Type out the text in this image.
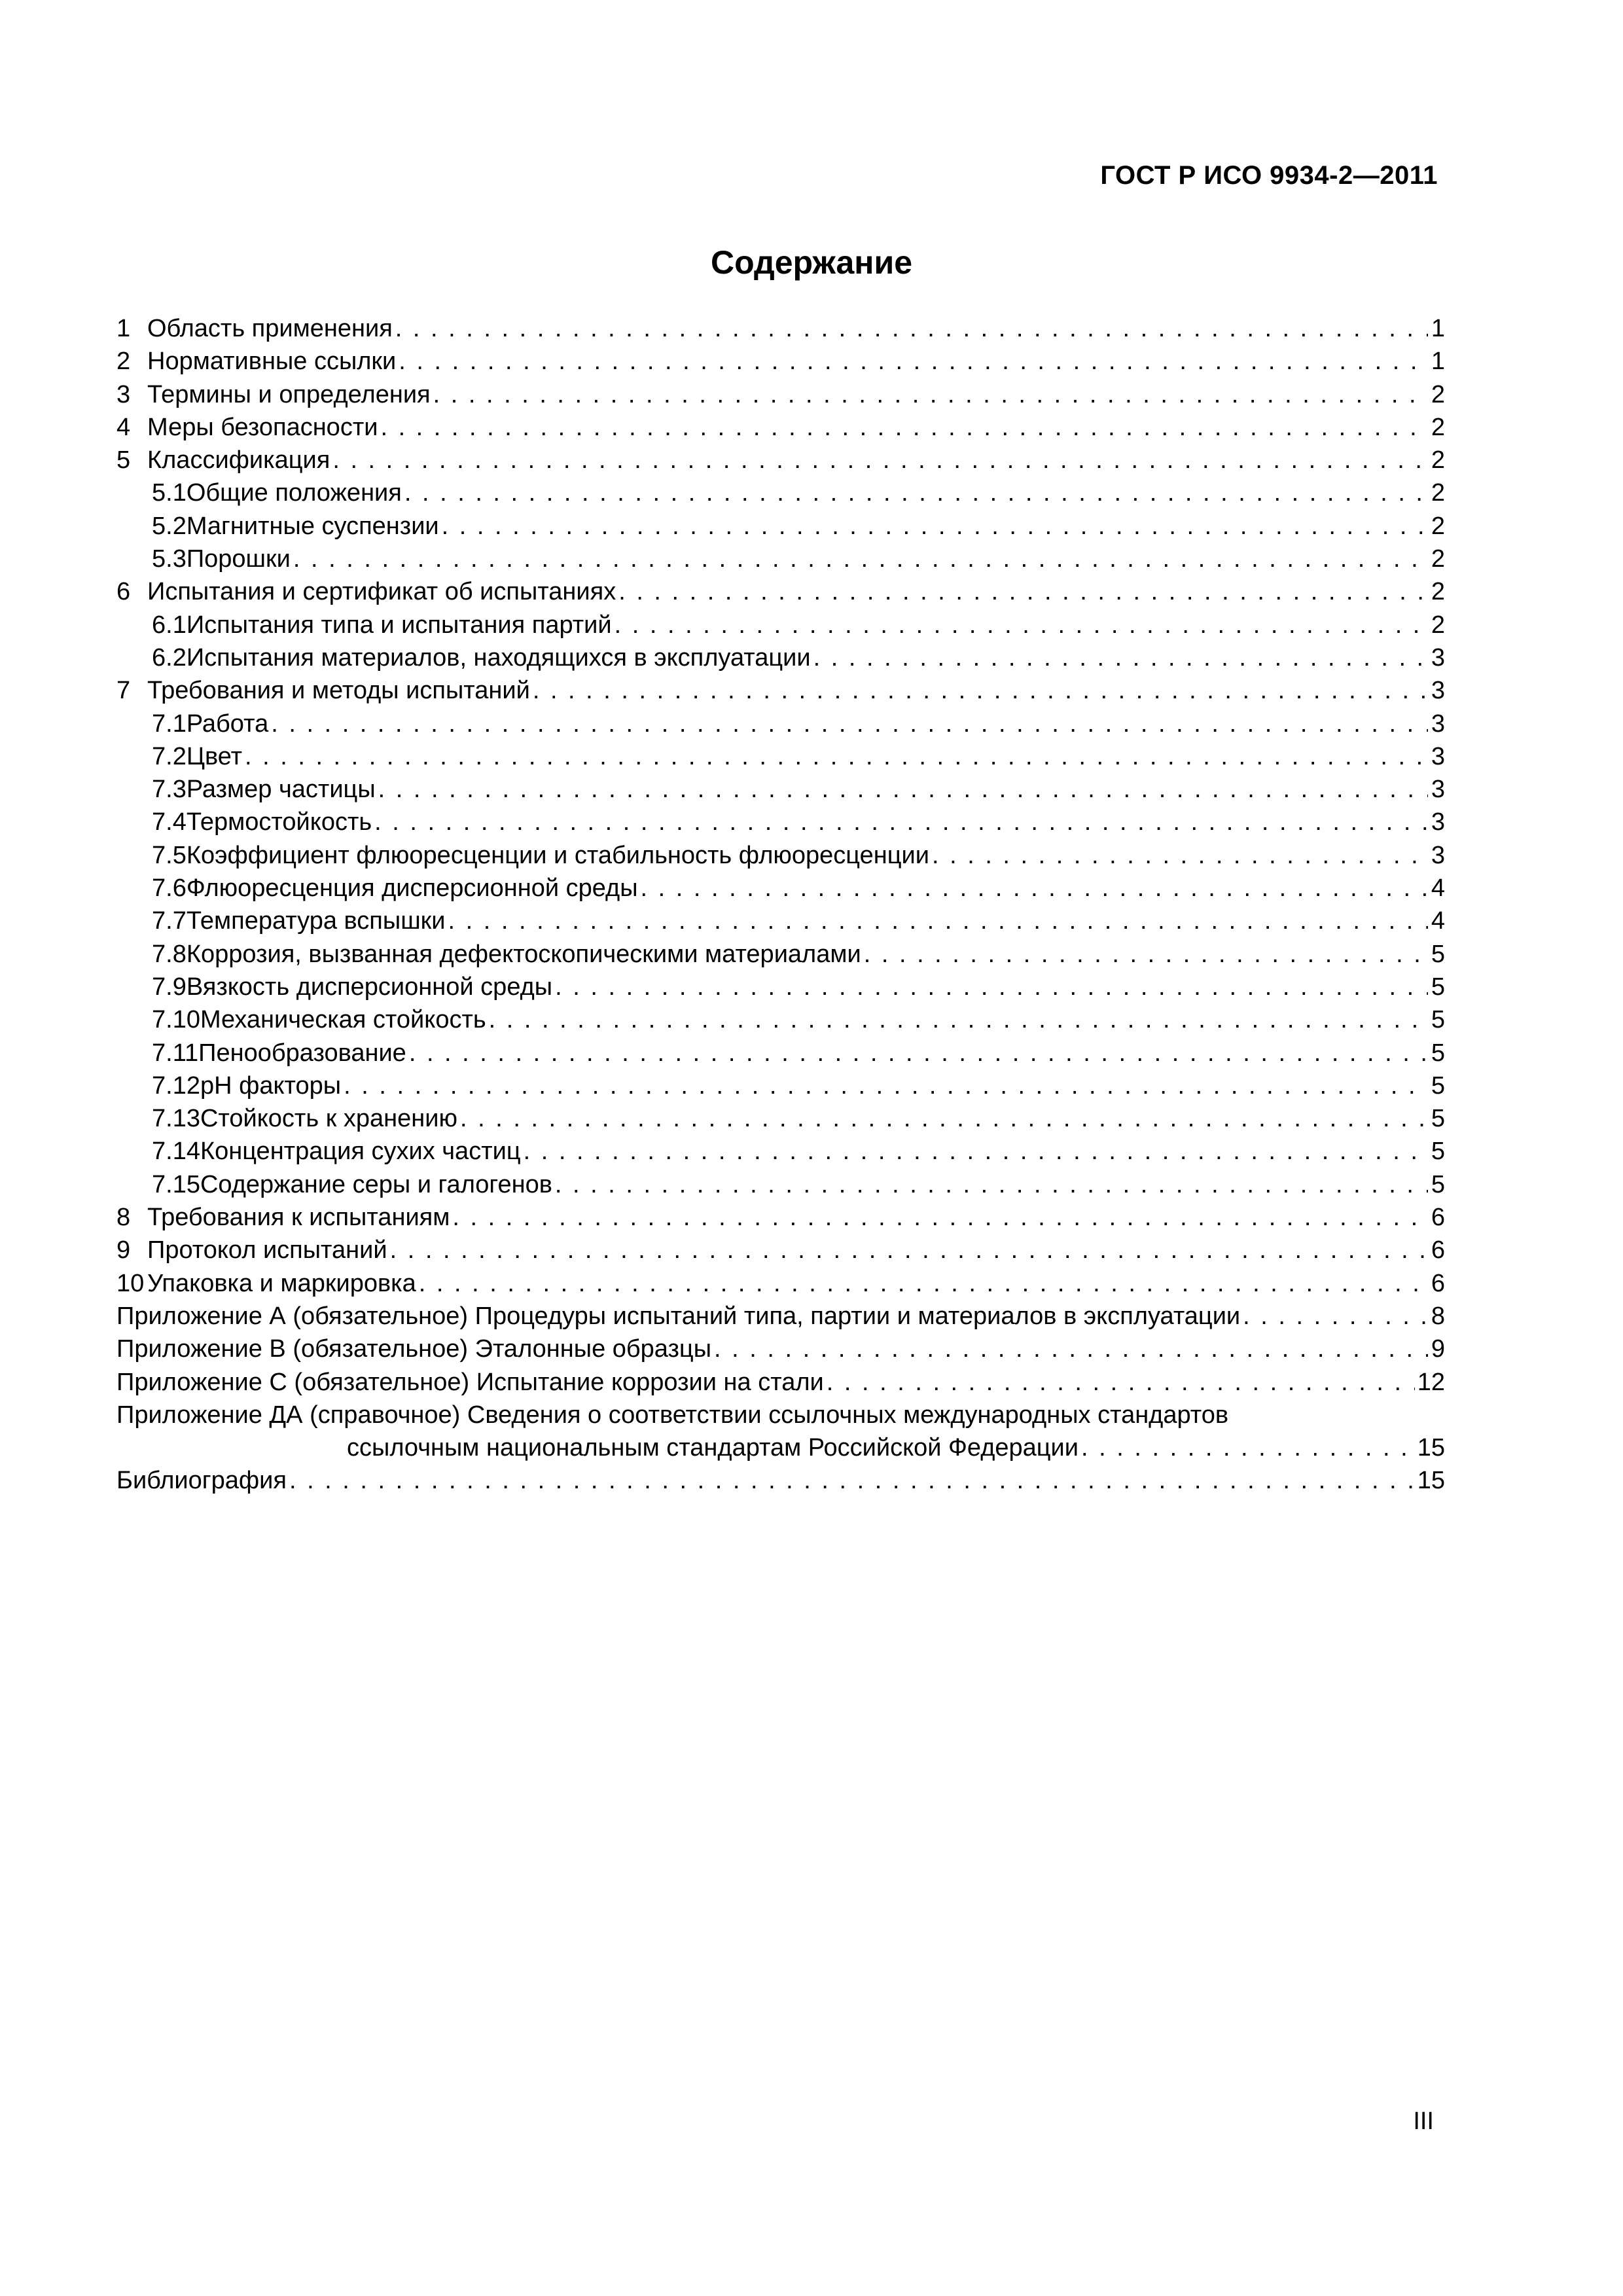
ГОСТ Р ИСО 9934-2—2011

Содержание
1 Область применения . . .	1
2 Нормативные ссылки . . .	1
3 Термины и определения . . .	2
4 Меры безопасности . . .	2
5 Классификация . . .	2
5.1 Общие положения . . .	2
5.2 Магнитные суспензии . . .	2
5.3 Порошки . . .	2
6 Испытания и сертификат об испытаниях . . .	2
6.1 Испытания типа и испытания партий . . .	2
6.2 Испытания материалов, находящихся в эксплуатации . . .	3
7 Требования и методы испытаний . . .	3
7.1 Работа . . .	3
7.2 Цвет . . .	3
7.3 Размер частицы . . .	3
7.4 Термостойкость . . .	3
7.5 Коэффициент флюоресценции и стабильность флюоресценции . . .	3
7.6 Флюоресценция дисперсионной среды . . .	4
7.7 Температура вспышки . . .	4
7.8 Коррозия, вызванная дефектоскопическими материалами . . .	5
7.9 Вязкость дисперсионной среды . . .	5
7.10 Механическая стойкость . . .	5
7.11 Пенообразование . . .	5
7.12 pH факторы . . .	5
7.13 Стойкость к хранению . . .	5
7.14 Концентрация сухих частиц . . .	5
7.15 Содержание серы и галогенов . . .	5
8 Требования к испытаниям . . .	6
9 Протокол испытаний . . .	6
10 Упаковка и маркировка . . .	6
Приложение А (обязательное) Процедуры испытаний типа, партии и материалов в эксплуатации . . .	8
Приложение В (обязательное) Эталонные образцы . . .	9
Приложение С (обязательное) Испытание коррозии на стали . . .	12
Приложение ДА (справочное) Сведения о соответствии ссылочных международных стандартов
ссылочным национальным стандартам Российской Федерации . . .	15
Библиография . . .	15

III
